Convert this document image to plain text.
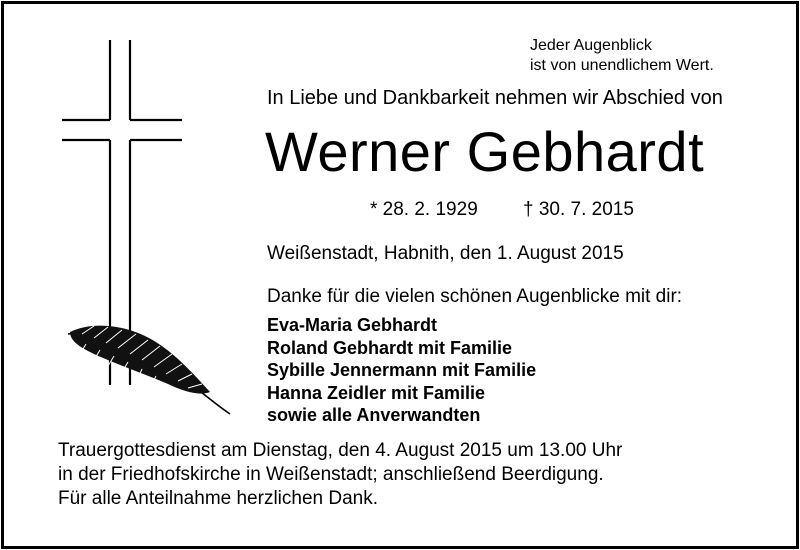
Jeder Augenblick
ist von unendlichem Wert.
In Liebe und Dankbarkeit nehmen wir Abschied von
Werner Gebhardt
* 28. 2. 1929 † 30. 7. 2015
Weißenstadt, Habnith, den 1. August 2015
Danke für die vielen schönen Augenblicke mit dir:
Eva-Maria Gebhardt
Roland Gebhardt mit Familie
Sybille Jennermann mit Familie
Hanna Zeidler mit Familie
sowie alle Anverwandten
Trauergottesdienst am Dienstag, den 4. August 2015 um 13.00 Uhr
in der Friedhofskirche in Weißenstadt; anschließend Beerdigung.
Für alle Anteilnahme herzlichen Dank.
